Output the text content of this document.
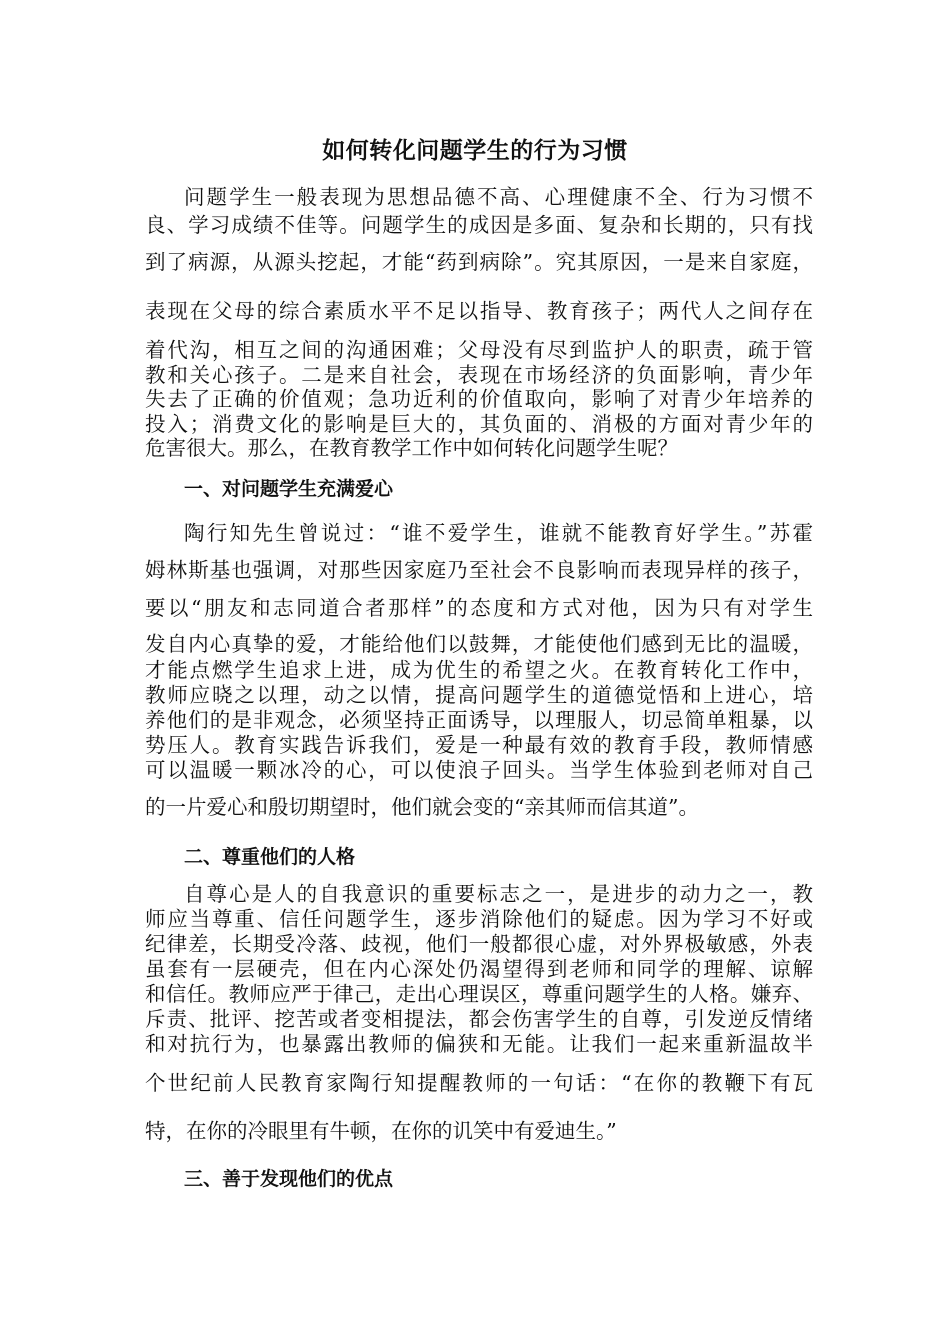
如何转化问题学生的行为习惯
问题学生一般表现为思想品德不高、心理健康不全、行为习惯不
良、学习成绩不佳等。问题学生的成因是多面、复杂和长期的，只有找
到了病源，从源头挖起，才能“药到病除”。究其原因，一是来自家庭，
表现在父母的综合素质水平不足以指导、教育孩子；两代人之间存在
着代沟，相互之间的沟通困难；父母没有尽到监护人的职责，疏于管
教和关心孩子。二是来自社会，表现在市场经济的负面影响，青少年
失去了正确的价值观；急功近利的价值取向，影响了对青少年培养的
投入；消费文化的影响是巨大的，其负面的、消极的方面对青少年的
危害很大。那么，在教育教学工作中如何转化问题学生呢？
一、对问题学生充满爱心
陶行知先生曾说过：“谁不爱学生，谁就不能教育好学生。”苏霍
姆林斯基也强调，对那些因家庭乃至社会不良影响而表现异样的孩子，
要以“朋友和志同道合者那样”的态度和方式对他，因为只有对学生
发自内心真挚的爱，才能给他们以鼓舞，才能使他们感到无比的温暖，
才能点燃学生追求上进，成为优生的希望之火。在教育转化工作中，
教师应晓之以理，动之以情，提高问题学生的道德觉悟和上进心，培
养他们的是非观念，必须坚持正面诱导，以理服人，切忌简单粗暴，以
势压人。教育实践告诉我们，爱是一种最有效的教育手段，教师情感
可以温暖一颗冰冷的心，可以使浪子回头。当学生体验到老师对自己
的一片爱心和殷切期望时，他们就会变的“亲其师而信其道”。
二、尊重他们的人格
自尊心是人的自我意识的重要标志之一，是进步的动力之一，教
师应当尊重、信任问题学生，逐步消除他们的疑虑。因为学习不好或
纪律差，长期受冷落、歧视，他们一般都很心虚，对外界极敏感，外表
虽套有一层硬壳，但在内心深处仍渴望得到老师和同学的理解、谅解
和信任。教师应严于律己，走出心理误区，尊重问题学生的人格。嫌弃、
斥责、批评、挖苦或者变相提法，都会伤害学生的自尊，引发逆反情绪
和对抗行为，也暴露出教师的偏狭和无能。让我们一起来重新温故半
个世纪前人民教育家陶行知提醒教师的一句话：“在你的教鞭下有瓦
特，在你的冷眼里有牛顿，在你的讥笑中有爱迪生。”
三、善于发现他们的优点
